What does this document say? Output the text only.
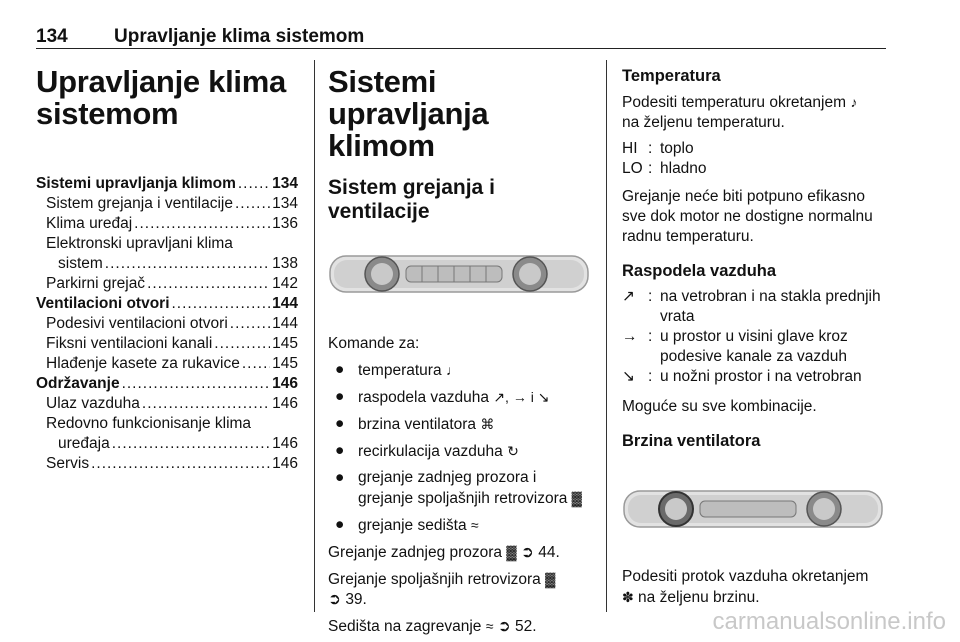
134 Upravljanje klima sistemom
Upravljanje klima sistemom
Sistemi upravljanja klimom ..... 134
Sistem grejanja i ventilacije .....	134
Klima uređaj .....	136
Elektronski upravljani klima
sistem .....	138
Parkirni grejač .....	142
Ventilacioni otvori .....	144
Podesivi ventilacioni otvori .....	144
Fiksni ventilacioni kanali .....	145
Hlađenje kasete za rukavice ..... 145
Održavanje .....	146
Ulaz vazduha .....	146
Redovno funkcionisanje klima
uređaja .....	146
Servis .....	146
Sistemi upravljanja klimom
Sistem grejanja i ventilacije

Komande za:

● temperatura ♩
● raspodela vazduha ↗, → i ↘
● brzina ventilatora ⌘
● recirkulacija vazduha ↻
● grejanje zadnjeg prozora i grejanje spoljašnjih retrovizora ▓
● grejanje sedišta ≈

Grejanje zadnjeg prozora ▓ ➲ 44.

Grejanje spoljašnjih retrovizora ▓
➲ 39.

Sedišta na zagrevanje ≈ ➲ 52.

Temperatura

Podesiti temperaturu okretanjem ♪
na željenu temperaturu.

HI : toplo
LO : hladno

Grejanje neće biti potpuno efikasno sve dok motor ne dostigne normalnu radnu temperaturu.

Raspodela vazduha
↗ : na vetrobran i na stakla prednjih vrata
→ : u prostor u visini glave kroz podesive kanale za vazduh
↘ : u nožni prostor i na vetrobran

Moguće su sve kombinacije.

Brzina ventilatora

Podesiti protok vazduha okretanjem
✽ na željenu brzinu.

carmanualsonline.info
